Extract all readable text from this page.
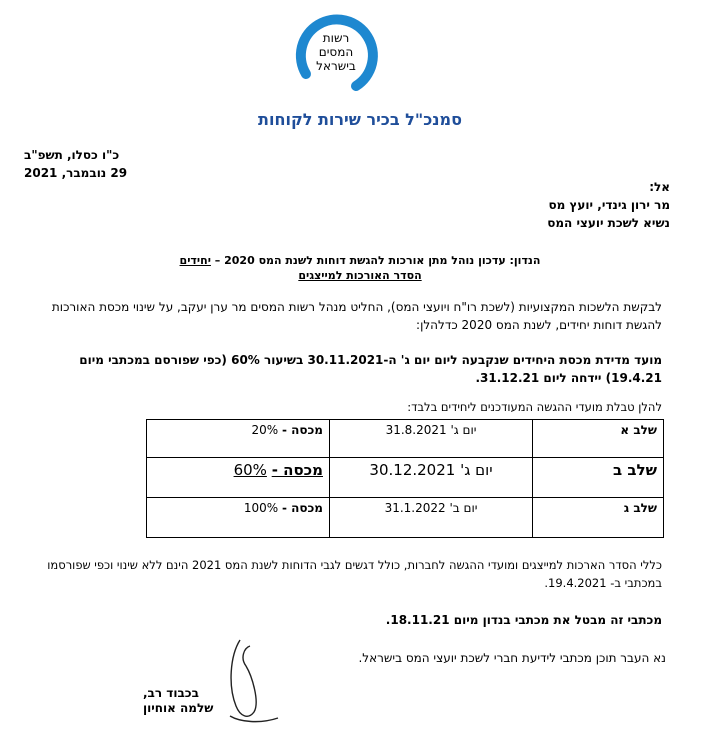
רשות
המסים
בישראל
סמנכ"ל בכיר שירות לקוחות
כ"ו כסלו, תשפ"ב
29 נובמבר, 2021
אל:
מר ירון גינדי, יועץ מס
נשיא לשכת יועצי המס
הנדון: עדכון נוהל מתן אורכות להגשת דוחות לשנת המס 2020 – יחידים
הסדר האורכות למייצגים
לבקשת הלשכות המקצועיות (לשכת רו"ח ויועצי המס), החליט מנהל רשות המסים מר ערן יעקב, על שינוי מכסת האורכות להגשת דוחות יחידים, לשנת המס 2020 כדלהלן:
מועד מדידת מכסת היחידים שנקבעה ליום יום ג' ה-30.11.2021 בשיעור 60% (כפי שפורסם במכתבי מיום 19.4.21) יידחה ליום 31.12.21.
להלן טבלת מועדי ההגשה המעודכנים ליחידים בלבד:
שלב א	יום ג' 31.8.2021	מכסה - 20%
שלב ב	יום ג' 30.12.2021	מכסה - 60%
שלב ג	יום ב' 31.1.2022	מכסה - 100%
כללי הסדר הארכות למייצגים ומועדי ההגשה לחברות, כולל דגשים לגבי הדוחות לשנת המס 2021 הינם ללא שינוי וכפי שפורסמו במכתבי ב- 19.4.2021.
מכתבי זה מבטל את מכתבי בנדון מיום 18.11.21.
נא העבר תוכן מכתבי לידיעת חברי לשכת יועצי המס בישראל.
בכבוד רב,
שלמה אוחיון
